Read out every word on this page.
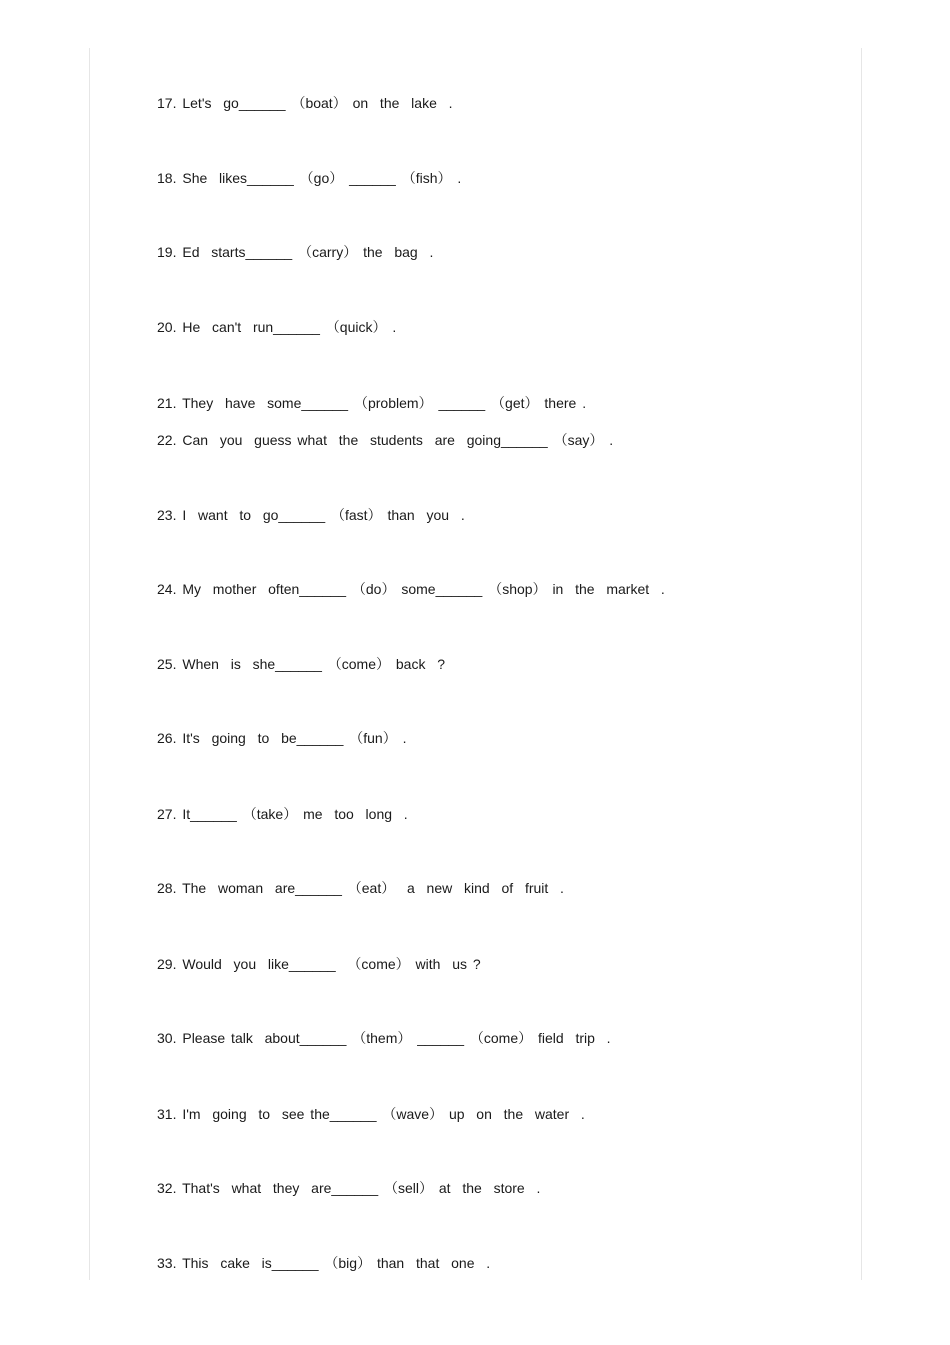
17. Let's  go______ （boat） on  the  lake  .
18. She  likes______ （go） ______ （fish） .
19. Ed  starts______ （carry） the  bag  .
20. He  can't  run______ （quick） .
21. They  have  some______ （problem） ______ （get） there .
22. Can  you  guess what  the  students  are  going______ （say） .
23. I  want  to  go______ （fast） than  you  .
24. My  mother  often______ （do） some______ （shop） in  the  market  .
25. When  is  she______ （come） back  ?
26. It's  going  to  be______ （fun） .
27. It______ （take） me  too  long  .
28. The  woman  are______ （eat）  a  new  kind  of  fruit  .
29. Would  you  like______  （come） with  us ?
30. Please talk  about______ （them） ______ （come） field  trip  .
31. I'm  going  to  see the______ （wave） up  on  the  water  .
32. That's  what  they  are______ （sell） at  the  store  .
33. This  cake  is______ （big） than  that  one  .
